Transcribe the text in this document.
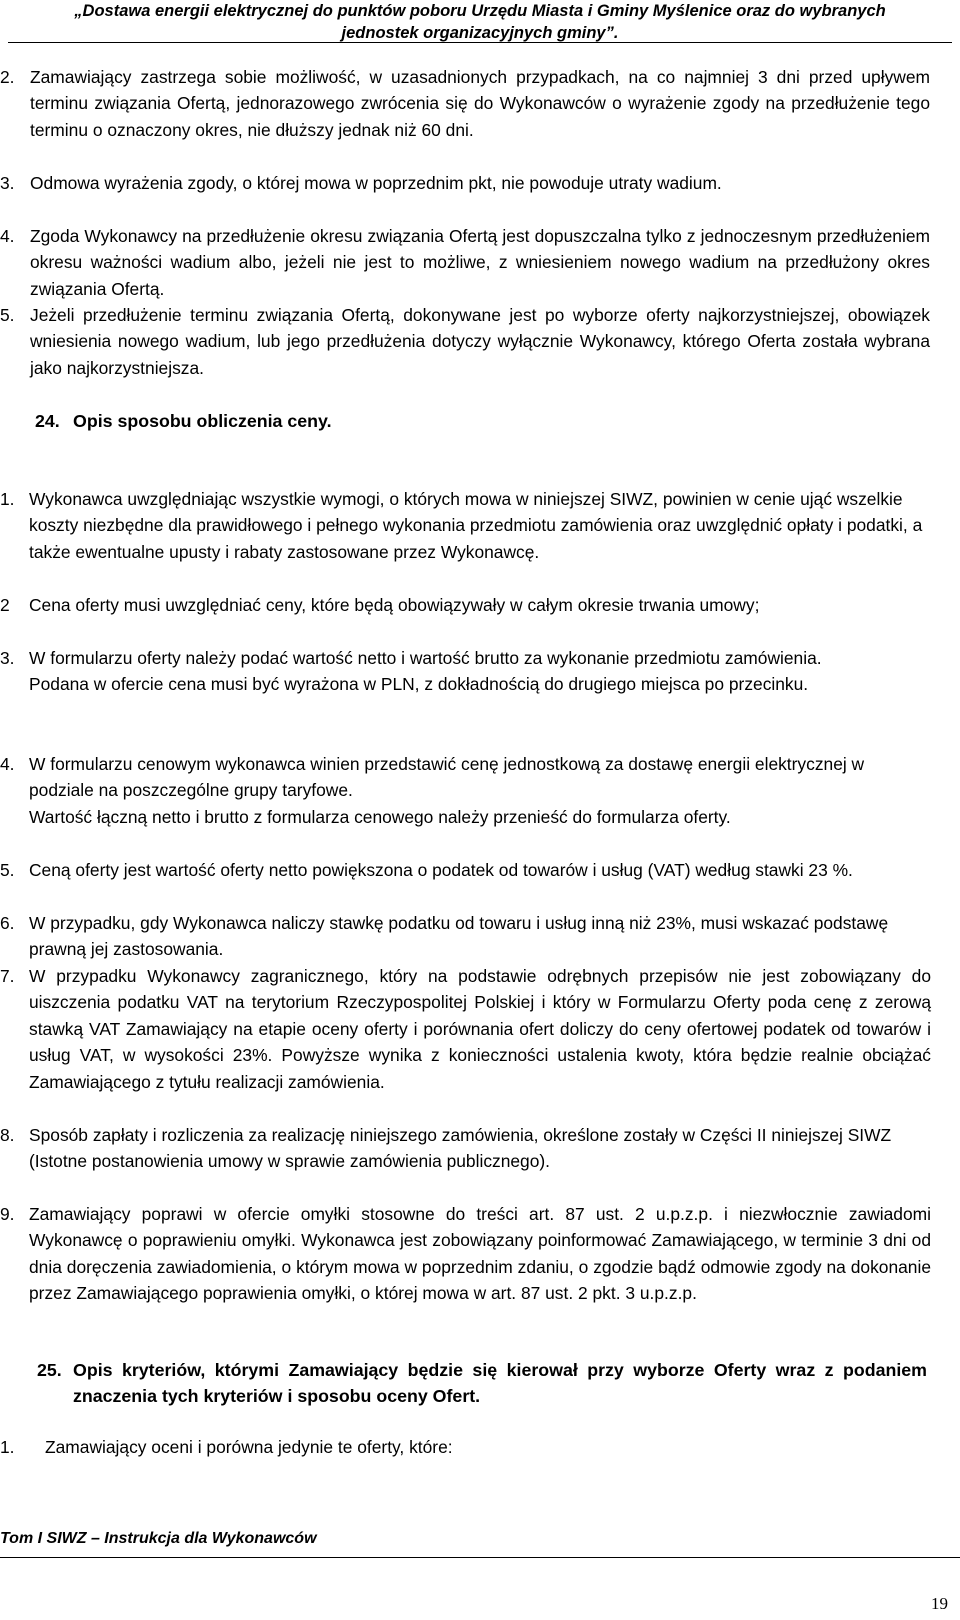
„Dostawa energii elektrycznej do punktów poboru Urzędu Miasta i Gminy Myślenice oraz do wybranych
jednostek organizacyjnych gminy”.
2. Zamawiający zastrzega sobie możliwość, w uzasadnionych przypadkach, na co najmniej 3 dni przed upływem terminu związania Ofertą, jednorazowego zwrócenia się do Wykonawców o wyrażenie zgody na przedłużenie tego terminu o oznaczony okres, nie dłuższy jednak niż 60 dni.
3. Odmowa wyrażenia zgody, o której mowa w poprzednim pkt, nie powoduje utraty wadium.
4. Zgoda Wykonawcy na przedłużenie okresu związania Ofertą jest dopuszczalna tylko z jednoczesnym przedłużeniem okresu ważności wadium albo, jeżeli nie jest to możliwe, z wniesieniem nowego wadium na przedłużony okres związania Ofertą.
5. Jeżeli przedłużenie terminu związania Ofertą, dokonywane jest po wyborze oferty najkorzystniejszej, obowiązek wniesienia nowego wadium, lub jego przedłużenia dotyczy wyłącznie Wykonawcy, którego Oferta została wybrana jako najkorzystniejsza.
24. Opis sposobu obliczenia ceny.
1. Wykonawca uwzględniając wszystkie wymogi, o których mowa w niniejszej SIWZ, powinien w cenie ująć wszelkie koszty niezbędne dla prawidłowego i pełnego wykonania przedmiotu zamówienia oraz uwzględnić opłaty i podatki, a także ewentualne upusty i rabaty zastosowane przez Wykonawcę.
2 Cena oferty musi uwzględniać ceny, które będą obowiązywały w całym okresie trwania umowy;
3. W formularzu oferty należy podać wartość netto i wartość brutto za wykonanie przedmiotu zamówienia.
Podana w ofercie cena musi być wyrażona w PLN, z dokładnością do drugiego miejsca po przecinku.
4. W formularzu cenowym wykonawca winien przedstawić cenę jednostkową za dostawę energii elektrycznej w podziale na poszczególne grupy taryfowe.
Wartość łączną netto i brutto z formularza cenowego należy przenieść do formularza oferty.
5. Ceną oferty jest wartość oferty netto powiększona o podatek od towarów i usług (VAT) według stawki 23 %.
6. W przypadku, gdy Wykonawca naliczy stawkę podatku od towaru i usług inną niż 23%, musi wskazać podstawę prawną jej zastosowania.
7. W przypadku Wykonawcy zagranicznego, który na podstawie odrębnych przepisów nie jest zobowiązany do uiszczenia podatku VAT na terytorium Rzeczypospolitej Polskiej i który w Formularzu Oferty poda cenę z zerową stawką VAT Zamawiający na etapie oceny oferty i porównania ofert doliczy do ceny ofertowej podatek od towarów i usług VAT, w wysokości 23%. Powyższe wynika z konieczności ustalenia kwoty, która będzie realnie obciążać Zamawiającego z tytułu realizacji zamówienia.
8. Sposób zapłaty i rozliczenia za realizację niniejszego zamówienia, określone zostały w Części II niniejszej SIWZ (Istotne postanowienia umowy w sprawie zamówienia publicznego).
9. Zamawiający poprawi w ofercie omyłki stosowne do treści art. 87 ust. 2 u.p.z.p. i niezwłocznie zawiadomi Wykonawcę o poprawieniu omyłki. Wykonawca jest zobowiązany poinformować Zamawiającego, w terminie 3 dni od dnia doręczenia zawiadomienia, o którym mowa w poprzednim zdaniu, o zgodzie bądź odmowie zgody na dokonanie przez Zamawiającego poprawienia omyłki, o której mowa w art. 87 ust. 2 pkt. 3 u.p.z.p.
25. Opis kryteriów, którymi Zamawiający będzie się kierował przy wyborze Oferty wraz z podaniem znaczenia tych kryteriów i sposobu oceny Ofert.
1. Zamawiający oceni i porówna jedynie te oferty, które:
Tom I SIWZ – Instrukcja dla Wykonawców
19
